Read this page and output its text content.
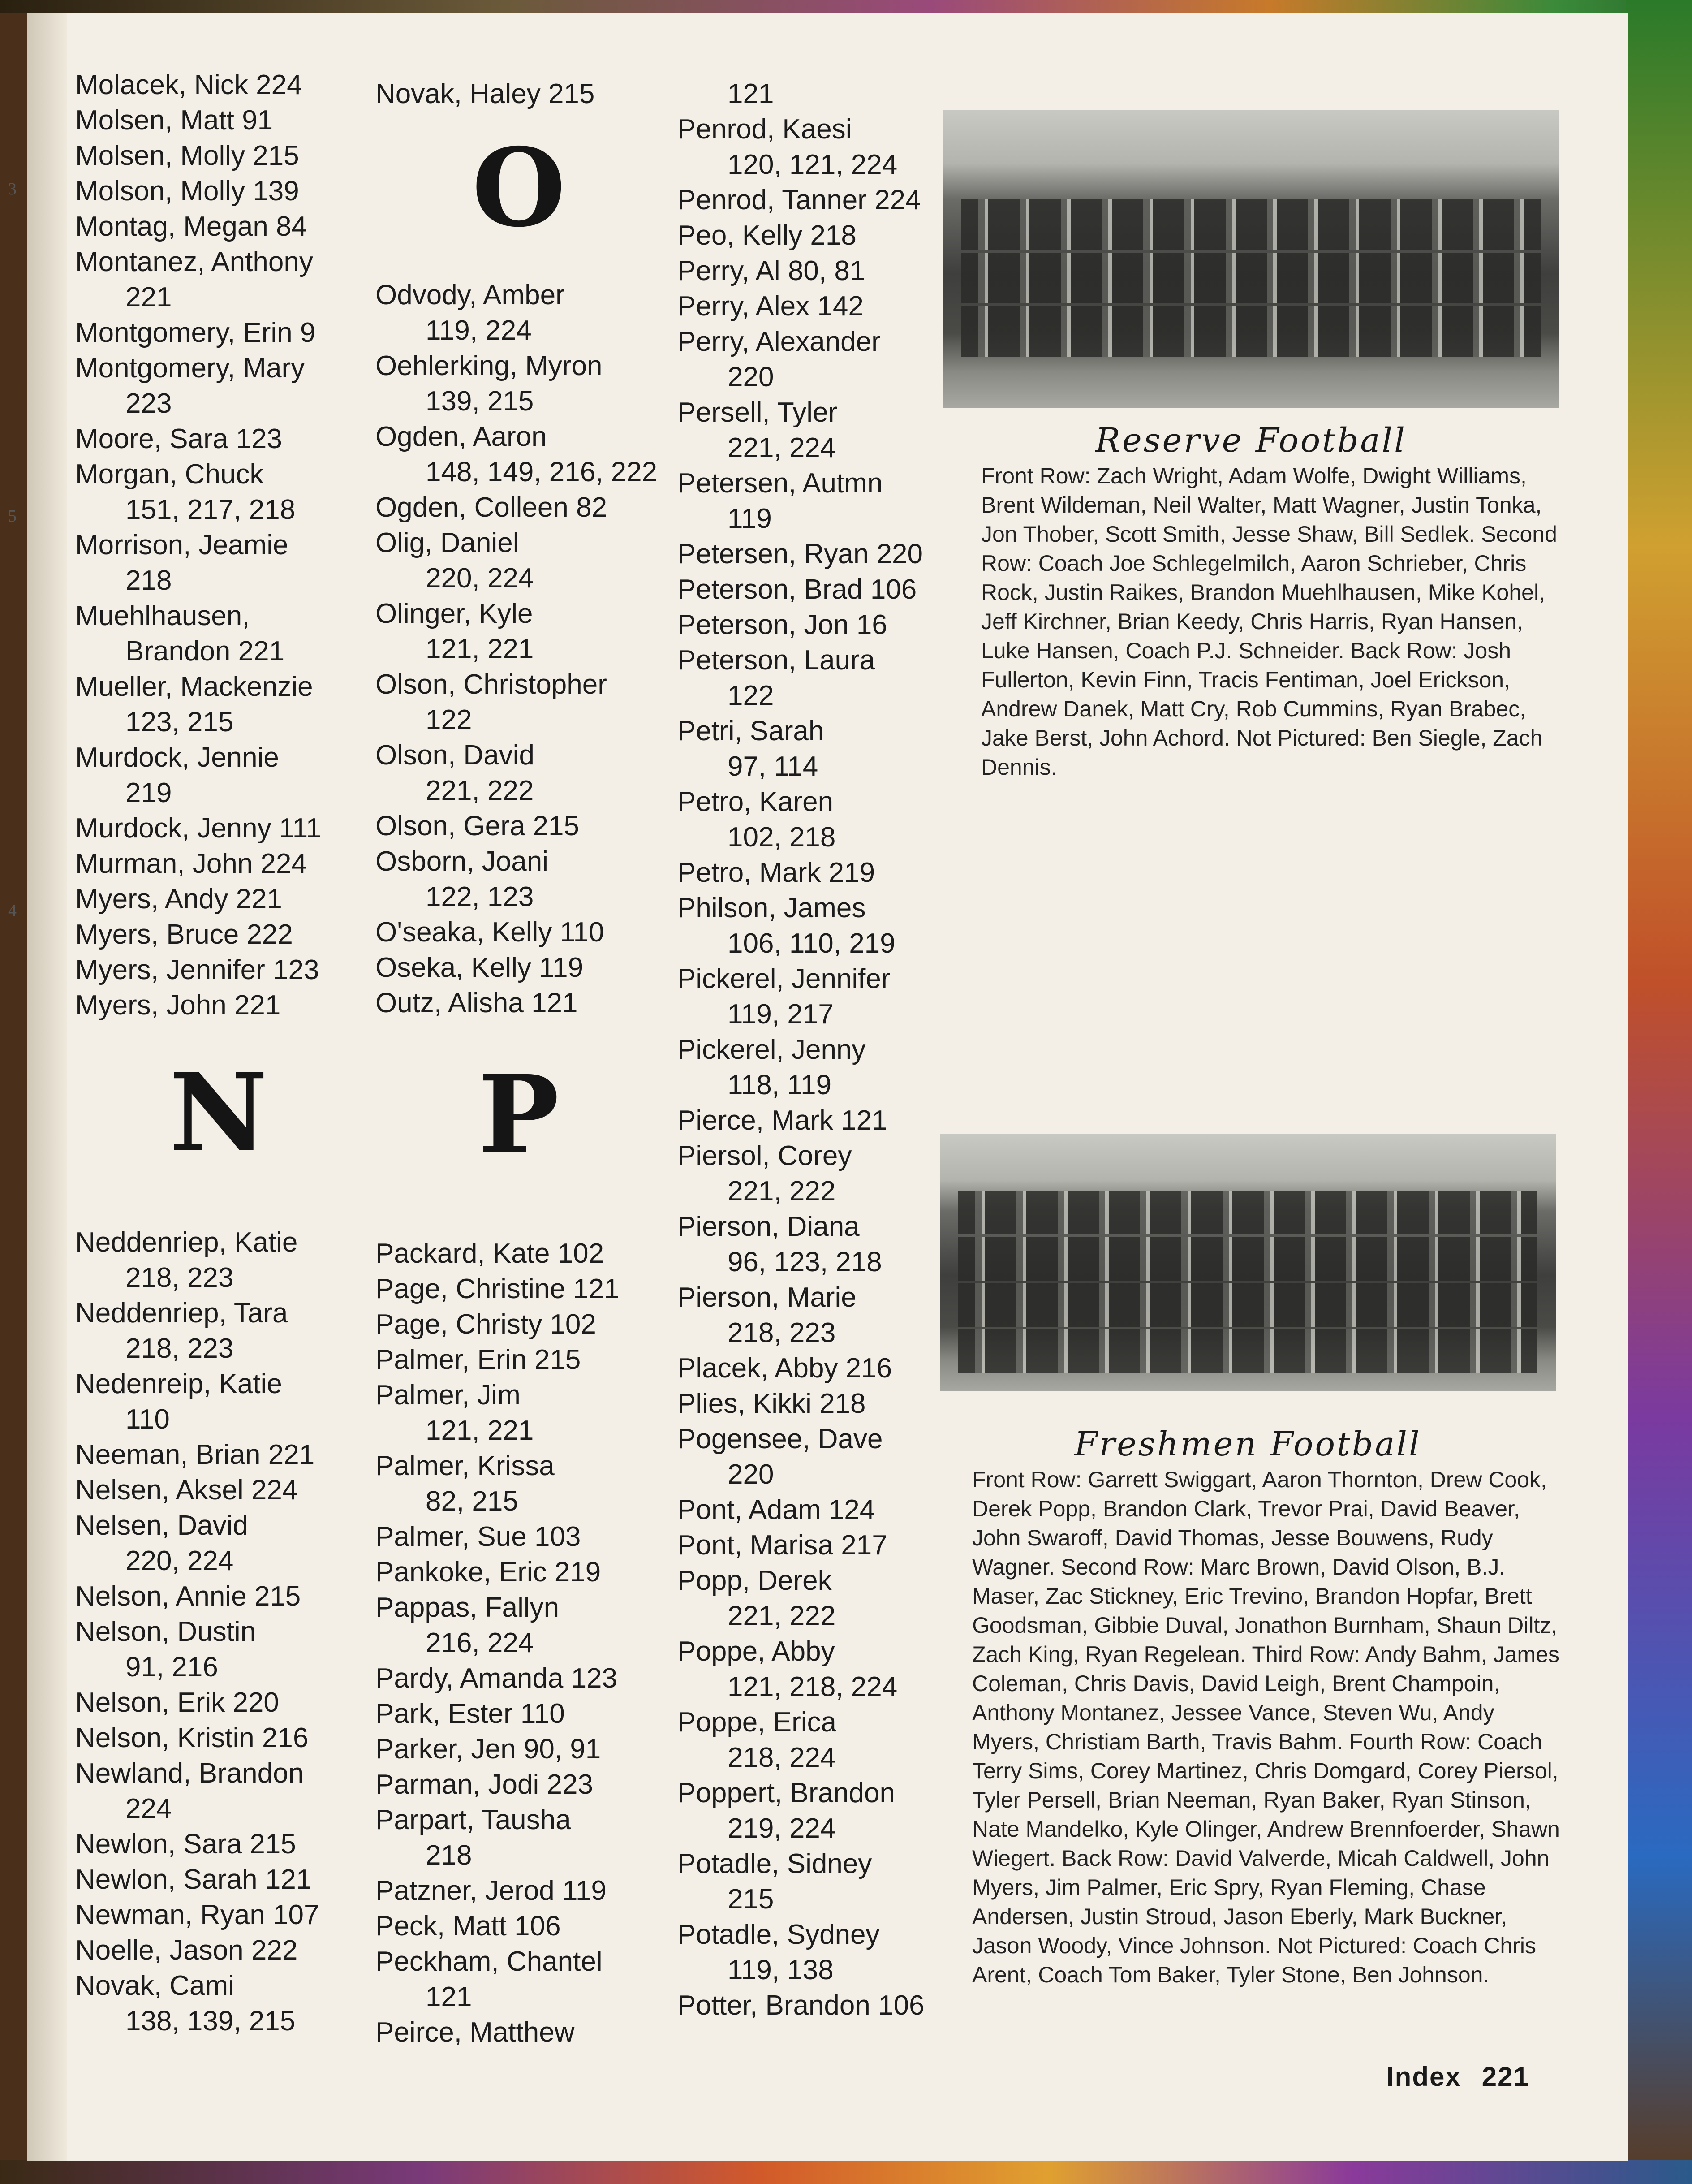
3
5
4
Molacek, Nick 224
Molsen, Matt 91
Molsen, Molly 215
Molson, Molly 139
Montag, Megan 84
Montanez, Anthony
221
Montgomery, Erin 9
Montgomery, Mary
223
Moore, Sara 123
Morgan, Chuck
151, 217, 218
Morrison, Jeamie
218
Muehlhausen,
Brandon 221
Mueller, Mackenzie
123, 215
Murdock, Jennie
219
Murdock, Jenny 111
Murman, John 224
Myers, Andy 221
Myers, Bruce 222
Myers, Jennifer 123
Myers, John 221
N
Neddenriep, Katie
218, 223
Neddenriep, Tara
218, 223
Nedenreip, Katie
110
Neeman, Brian 221
Nelsen, Aksel 224
Nelsen, David
220, 224
Nelson, Annie 215
Nelson, Dustin
91, 216
Nelson, Erik 220
Nelson, Kristin 216
Newland, Brandon
224
Newlon, Sara 215
Newlon, Sarah 121
Newman, Ryan 107
Noelle, Jason 222
Novak, Cami
138, 139, 215
Novak, Haley 215
O
Odvody, Amber
119, 224
Oehlerking, Myron
139, 215
Ogden, Aaron
148, 149, 216, 222
Ogden, Colleen 82
Olig, Daniel
220, 224
Olinger, Kyle
121, 221
Olson, Christopher
122
Olson, David
221, 222
Olson, Gera 215
Osborn, Joani
122, 123
O'seaka, Kelly 110
Oseka, Kelly 119
Outz, Alisha 121
P
Packard, Kate 102
Page, Christine 121
Page, Christy 102
Palmer, Erin 215
Palmer, Jim
121, 221
Palmer, Krissa
82, 215
Palmer, Sue 103
Pankoke, Eric 219
Pappas, Fallyn
216, 224
Pardy, Amanda 123
Park, Ester 110
Parker, Jen 90, 91
Parman, Jodi 223
Parpart, Tausha
218
Patzner, Jerod 119
Peck, Matt 106
Peckham, Chantel
121
Peirce, Matthew
121
Penrod, Kaesi
120, 121, 224
Penrod, Tanner 224
Peo, Kelly 218
Perry, Al 80, 81
Perry, Alex 142
Perry, Alexander
220
Persell, Tyler
221, 224
Petersen, Autmn
119
Petersen, Ryan 220
Peterson, Brad 106
Peterson, Jon 16
Peterson, Laura
122
Petri, Sarah
97, 114
Petro, Karen
102, 218
Petro, Mark 219
Philson, James
106, 110, 219
Pickerel, Jennifer
119, 217
Pickerel, Jenny
118, 119
Pierce, Mark 121
Piersol, Corey
221, 222
Pierson, Diana
96, 123, 218
Pierson, Marie
218, 223
Placek, Abby 216
Plies, Kikki 218
Pogensee, Dave
220
Pont, Adam 124
Pont, Marisa 217
Popp, Derek
221, 222
Poppe, Abby
121, 218, 224
Poppe, Erica
218, 224
Poppert, Brandon
219, 224
Potadle, Sidney
215
Potadle, Sydney
119, 138
Potter, Brandon 106
Reserve Football
Front Row: Zach Wright, Adam Wolfe, Dwight Williams, Brent Wildeman, Neil Walter, Matt Wagner, Justin Tonka, Jon Thober, Scott Smith, Jesse Shaw, Bill Sedlek. Second Row: Coach Joe Schlegelmilch, Aaron Schrieber, Chris Rock, Justin Raikes, Brandon Muehlhausen, Mike Kohel, Jeff Kirchner, Brian Keedy, Chris Harris, Ryan Hansen, Luke Hansen, Coach P.J. Schneider. Back Row: Josh Fullerton, Kevin Finn, Tracis Fentiman, Joel Erickson, Andrew Danek, Matt Cry, Rob Cummins, Ryan Brabec, Jake Berst, John Achord. Not Pictured: Ben Siegle, Zach Dennis.
Freshmen Football
Front Row: Garrett Swiggart, Aaron Thornton, Drew Cook, Derek Popp, Brandon Clark, Trevor Prai, David Beaver, John Swaroff, David Thomas, Jesse Bouwens, Rudy Wagner. Second Row: Marc Brown, David Olson, B.J. Maser, Zac Stickney, Eric Trevino, Brandon Hopfar, Brett Goodsman, Gibbie Duval, Jonathon Burnham, Shaun Diltz, Zach King, Ryan Regelean. Third Row: Andy Bahm, James Coleman, Chris Davis, David Leigh, Brent Champoin, Anthony Montanez, Jessee Vance, Steven Wu, Andy Myers, Christiam Barth, Travis Bahm. Fourth Row: Coach Terry Sims, Corey Martinez, Chris Domgard, Corey Piersol, Tyler Persell, Brian Neeman, Ryan Baker, Ryan Stinson, Nate Mandelko, Kyle Olinger, Andrew Brennfoerder, Shawn Wiegert. Back Row: David Valverde, Micah Caldwell, John Myers, Jim Palmer, Eric Spry, Ryan Fleming, Chase Andersen, Justin Stroud, Jason Eberly, Mark Buckner, Jason Woody, Vince Johnson. Not Pictured: Coach Chris Arent, Coach Tom Baker, Tyler Stone, Ben Johnson.
Index 221
